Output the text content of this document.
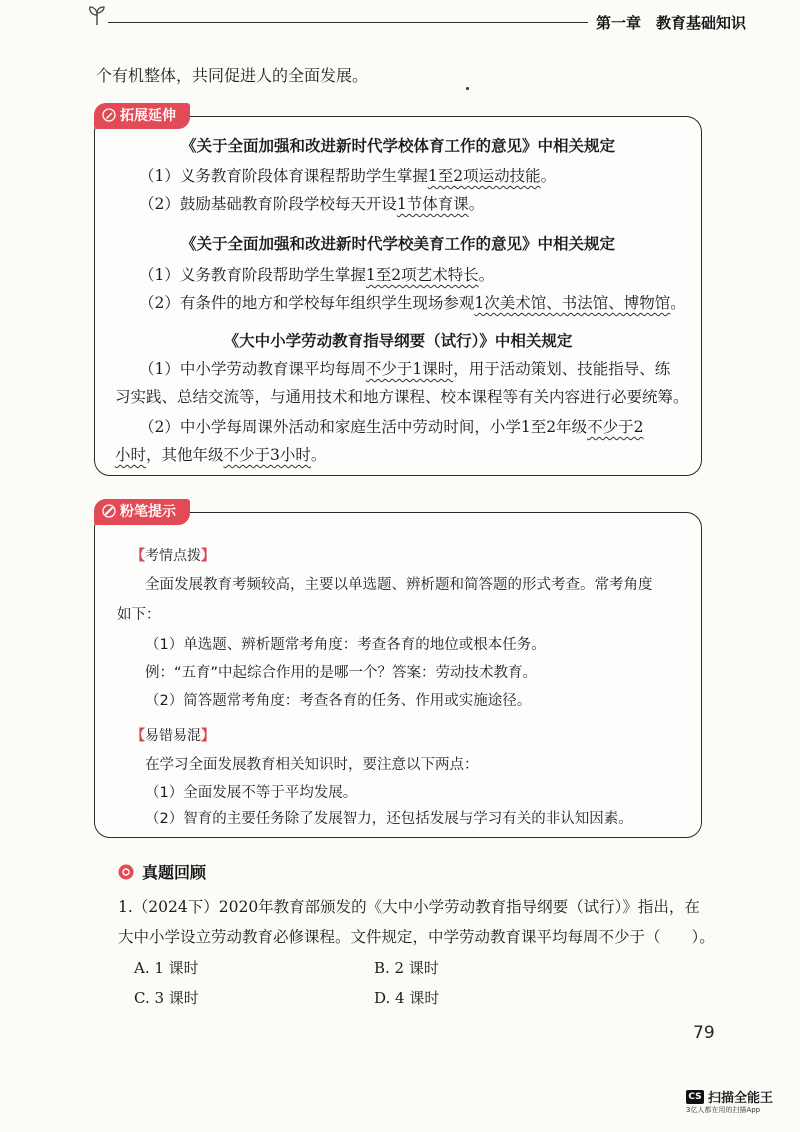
第一章　教育基础知识
个有机整体，共同促进人的全面发展。
拓展延伸
《关于全面加强和改进新时代学校体育工作的意见》中相关规定
（1）义务教育阶段体育课程帮助学生掌握1至2项运动技能。
（2）鼓励基础教育阶段学校每天开设1节体育课。
《关于全面加强和改进新时代学校美育工作的意见》中相关规定
（1）义务教育阶段帮助学生掌握1至2项艺术特长。
（2）有条件的地方和学校每年组织学生现场参观1次美术馆、书法馆、博物馆。
《大中小学劳动教育指导纲要（试行）》中相关规定
（1）中小学劳动教育课平均每周不少于1课时，用于活动策划、技能指导、练
习实践、总结交流等，与通用技术和地方课程、校本课程等有关内容进行必要统筹。
（2）中小学每周课外活动和家庭生活中劳动时间，小学1至2年级不少于2
小时，其他年级不少于3小时。
粉笔提示
【考情点拨】
全面发展教育考频较高，主要以单选题、辨析题和简答题的形式考查。常考角度
如下：
（1）单选题、辨析题常考角度：考查各育的地位或根本任务。
例：“五育”中起综合作用的是哪一个？答案：劳动技术教育。
（2）简答题常考角度：考查各育的任务、作用或实施途径。
【易错易混】
在学习全面发展教育相关知识时，要注意以下两点：
（1）全面发展不等于平均发展。
（2）智育的主要任务除了发展智力，还包括发展与学习有关的非认知因素。
真题回顾
1.（2024下）2020年教育部颁发的《大中小学劳动教育指导纲要（试行）》指出，在
大中小学设立劳动教育必修课程。文件规定，中学劳动教育课平均每周不少于（　　）。
A. 1 课时	B. 2 课时
C. 3 课时	D. 4 课时
79
CS 扫描全能王
3亿人都在用的扫描App
